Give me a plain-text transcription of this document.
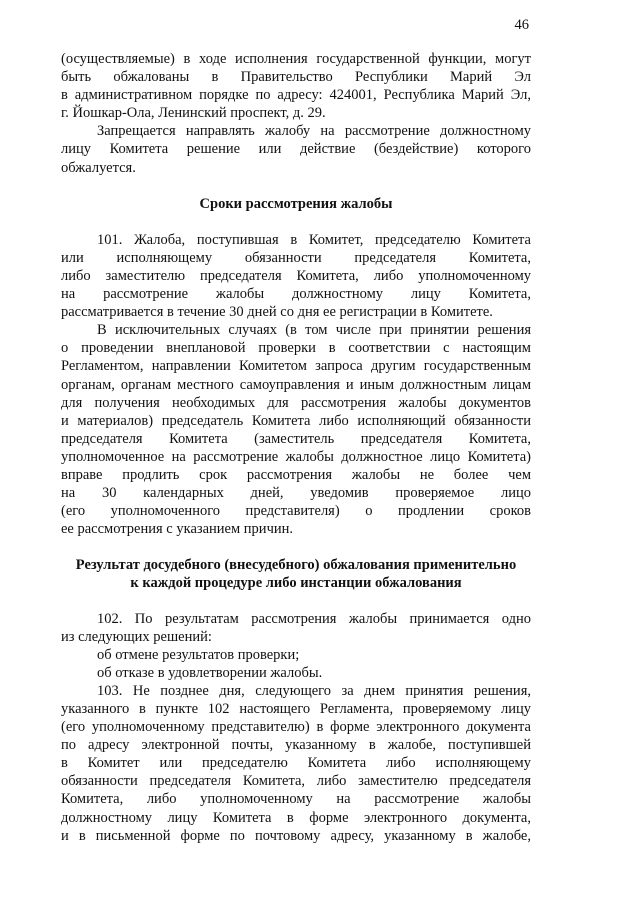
46
(осуществляемые) в ходе исполнения государственной функции, могут
быть обжалованы в Правительство Республики Марий Эл
в административном порядке по адресу: 424001, Республика Марий Эл,
г. Йошкар-Ола, Ленинский проспект, д. 29.
Запрещается направлять жалобу на рассмотрение должностному
лицу Комитета решение или действие (бездействие) которого
обжалуется.
Сроки рассмотрения жалобы
101. Жалоба, поступившая в Комитет, председателю Комитета
или исполняющему обязанности председателя Комитета,
либо заместителю председателя Комитета, либо уполномоченному
на рассмотрение жалобы должностному лицу Комитета,
рассматривается в течение 30 дней со дня ее регистрации в Комитете.
В исключительных случаях (в том числе при принятии решения
о проведении внеплановой проверки в соответствии с настоящим
Регламентом, направлении Комитетом запроса другим государственным
органам, органам местного самоуправления и иным должностным лицам
для получения необходимых для рассмотрения жалобы документов
и материалов) председатель Комитета либо исполняющий обязанности
председателя Комитета (заместитель председателя Комитета,
уполномоченное на рассмотрение жалобы должностное лицо Комитета)
вправе продлить срок рассмотрения жалобы не более чем
на 30 календарных дней, уведомив проверяемое лицо
(его уполномоченного представителя) о продлении сроков
ее рассмотрения с указанием причин.
Результат досудебного (внесудебного) обжалования применительно
к каждой процедуре либо инстанции обжалования
102. По результатам рассмотрения жалобы принимается одно
из следующих решений:
об отмене результатов проверки;
об отказе в удовлетворении жалобы.
103. Не позднее дня, следующего за днем принятия решения,
указанного в пункте 102 настоящего Регламента, проверяемому лицу
(его уполномоченному представителю) в форме электронного документа
по адресу электронной почты, указанному в жалобе, поступившей
в Комитет или председателю Комитета либо исполняющему
обязанности председателя Комитета, либо заместителю председателя
Комитета, либо уполномоченному на рассмотрение жалобы
должностному лицу Комитета в форме электронного документа,
и в письменной форме по почтовому адресу, указанному в жалобе,
